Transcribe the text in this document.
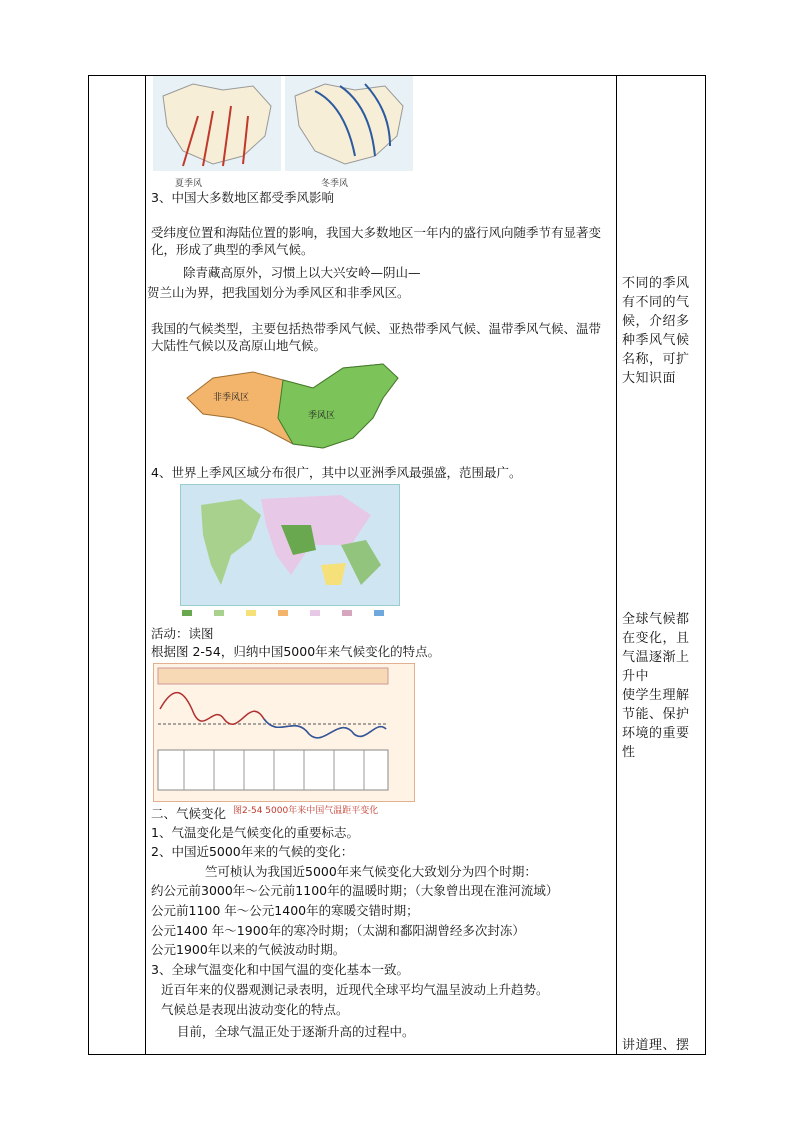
夏季风	冬季风
3、中国大多数地区都受季风影响
受纬度位置和海陆位置的影响，我国大多数地区一年内的盛行风向随季节有显著变化，形成了典型的季风气候。
除青藏高原外，习惯上以大兴安岭—阴山—
贺兰山为界，把我国划分为季风区和非季风区。
我国的气候类型，主要包括热带季风气候、亚热带季风气候、温带季风气候、温带大陆性气候以及高原山地气候。
非季风区
季风区
4、世界上季风区域分布很广，其中以亚洲季风最强盛，范围最广。
活动：读图
根据图 2-54，归纳中国5000年来气候变化的特点。
图2-54 5000年来中国气温距平变化
二、气候变化
1、气温变化是气候变化的重要标志。
2、中国近5000年来的气候的变化：
竺可桢认为我国近5000年来气候变化大致划分为四个时期：
约公元前3000年～公元前1100年的温暖时期；（大象曾出现在淮河流域）
公元前1100 年～公元1400年的寒暖交错时期；
公元1400 年～1900年的寒冷时期；（太湖和鄱阳湖曾经多次封冻）
公元1900年以来的气候波动时期。
3、全球气温变化和中国气温的变化基本一致。
近百年来的仪器观测记录表明，近现代全球平均气温呈波动上升趋势。
气候总是表现出波动变化的特点。
目前，全球气温正处于逐渐升高的过程中。
不同的季风有不同的气候，介绍多种季风气候名称，可扩大知识面
全球气候都在变化，且气温逐渐上升中
使学生理解节能、保护环境的重要性
讲道理、摆
